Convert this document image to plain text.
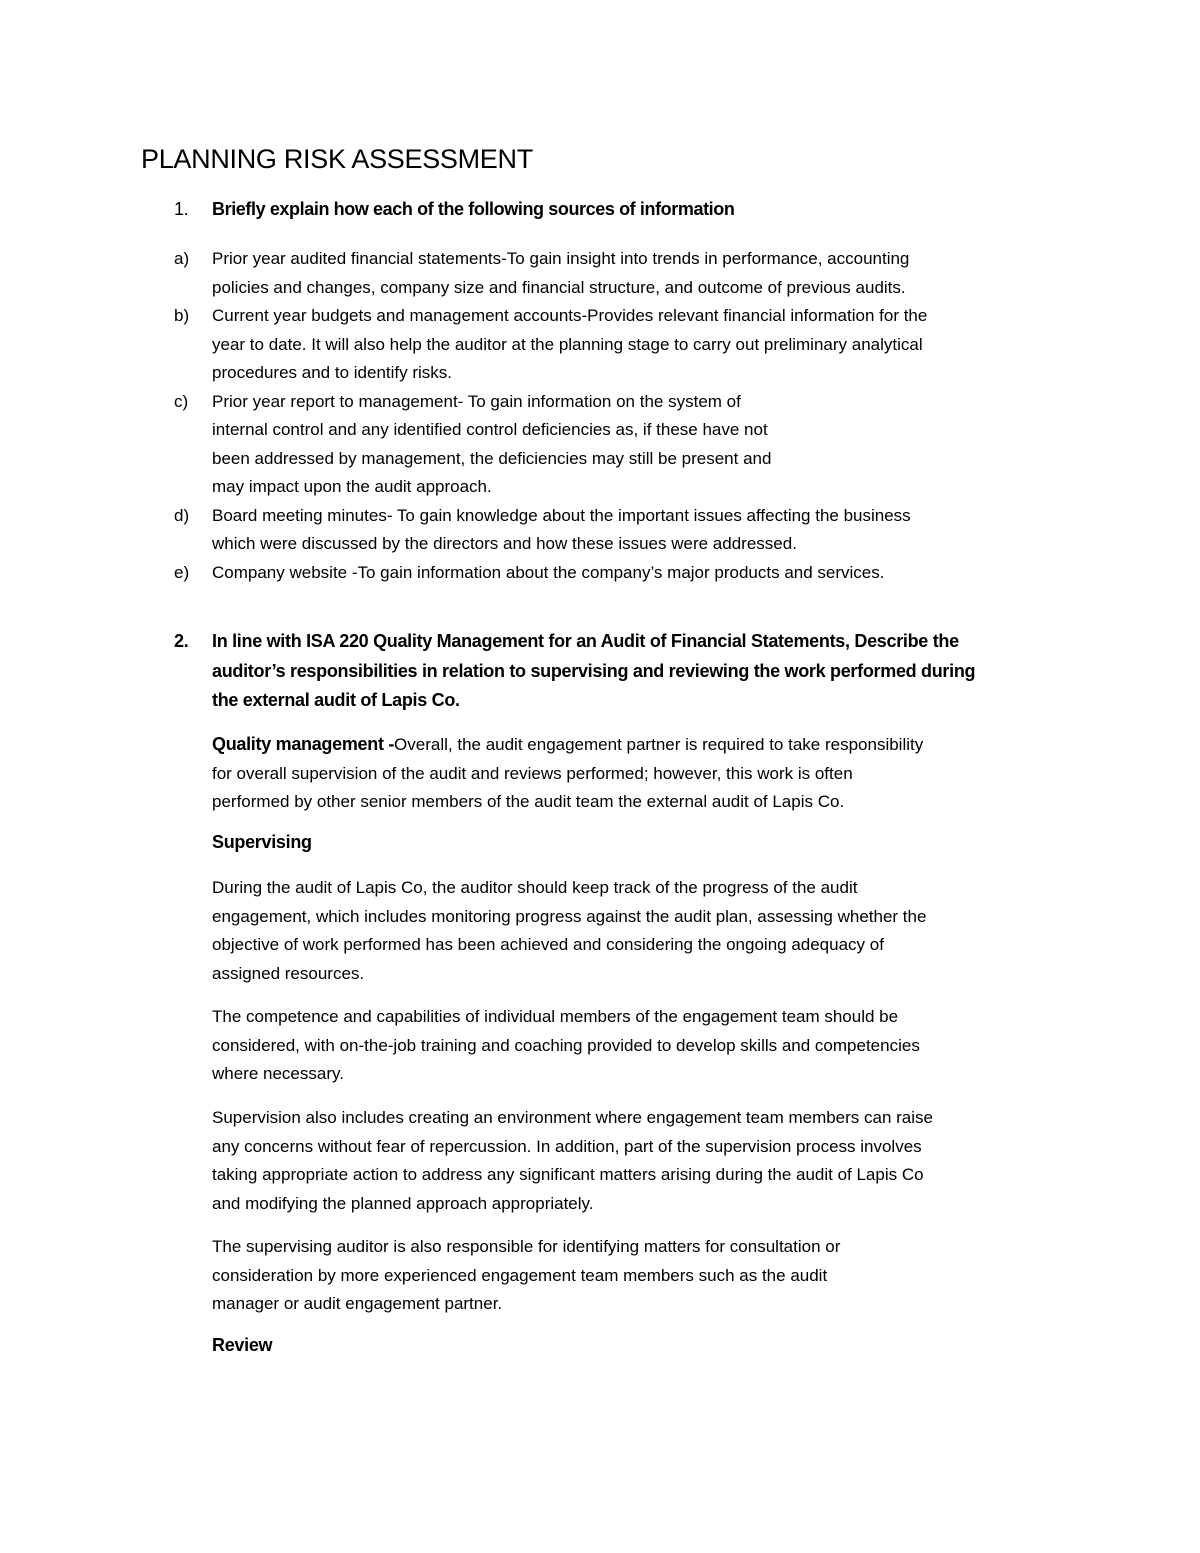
PLANNING RISK ASSESSMENT
1. Briefly explain how each of the following sources of information
a) Prior year audited financial statements-To gain insight into trends in performance, accounting
policies and changes, company size and financial structure, and outcome of previous audits.
b) Current year budgets and management accounts-Provides relevant financial information for the
year to date. It will also help the auditor at the planning stage to carry out preliminary analytical
procedures and to identify risks.
c) Prior year report to management- To gain information on the system of
internal control and any identified control deficiencies as, if these have not
been addressed by management, the deficiencies may still be present and
may impact upon the audit approach.
d) Board meeting minutes- To gain knowledge about the important issues affecting the business
which were discussed by the directors and how these issues were addressed.
e) Company website -To gain information about the company’s major products and services.
2. In line with ISA 220 Quality Management for an Audit of Financial Statements, Describe the
auditor’s responsibilities in relation to supervising and reviewing the work performed during
the external audit of Lapis Co.
Quality management -Overall, the audit engagement partner is required to take responsibility
for overall supervision of the audit and reviews performed; however, this work is often
performed by other senior members of the audit team the external audit of Lapis Co.
Supervising
During the audit of Lapis Co, the auditor should keep track of the progress of the audit
engagement, which includes monitoring progress against the audit plan, assessing whether the
objective of work performed has been achieved and considering the ongoing adequacy of
assigned resources.
The competence and capabilities of individual members of the engagement team should be
considered, with on-the-job training and coaching provided to develop skills and competencies
where necessary.
Supervision also includes creating an environment where engagement team members can raise
any concerns without fear of repercussion. In addition, part of the supervision process involves
taking appropriate action to address any significant matters arising during the audit of Lapis Co
and modifying the planned approach appropriately.
The supervising auditor is also responsible for identifying matters for consultation or
consideration by more experienced engagement team members such as the audit
manager or audit engagement partner.
Review
